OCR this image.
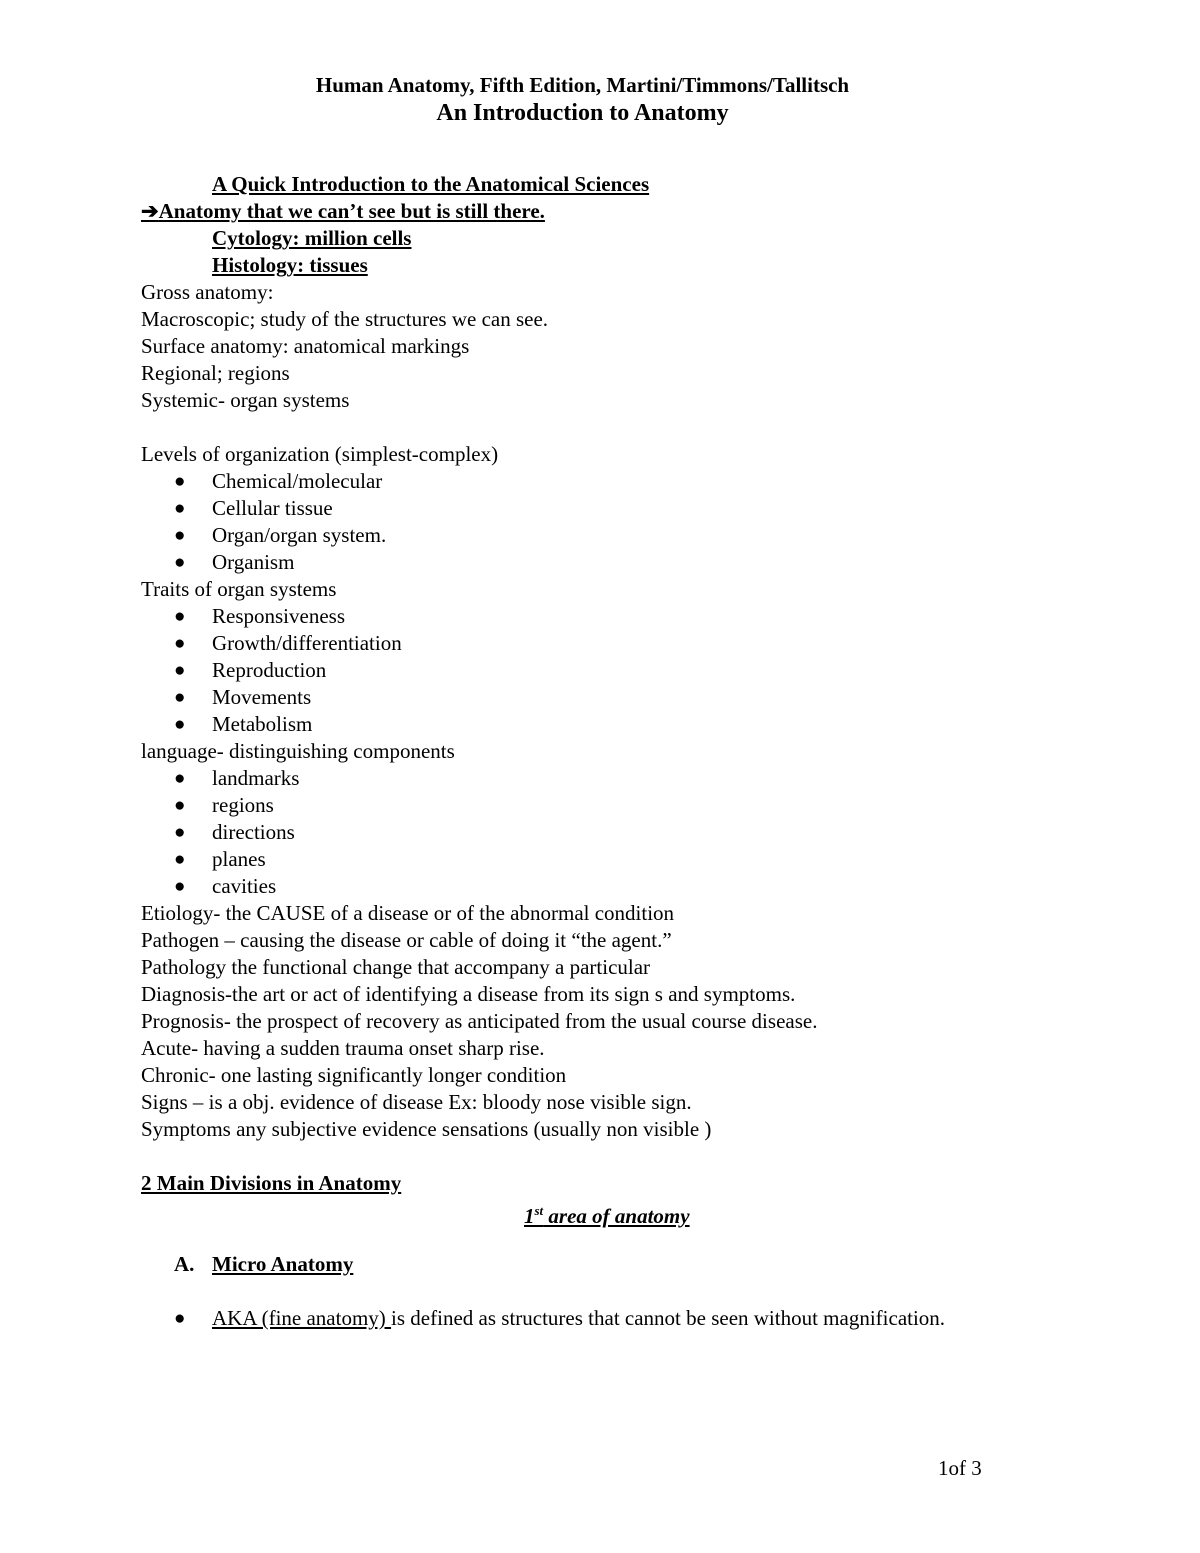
Human Anatomy, Fifth Edition, Martini/Timmons/Tallitsch
An Introduction to Anatomy
A Quick Introduction to the Anatomical Sciences
➔Anatomy that we can’t see but is still there.
Cytology: million cells
Histology: tissues
Gross anatomy:
Macroscopic; study of the structures we can see.
Surface anatomy: anatomical markings
Regional; regions
Systemic- organ systems
Levels of organization (simplest-complex)
● Chemical/molecular
● Cellular tissue
● Organ/organ system.
● Organism
Traits of organ systems
● Responsiveness
● Growth/differentiation
● Reproduction
● Movements
● Metabolism
language- distinguishing components
● landmarks
● regions
● directions
● planes
● cavities
Etiology- the CAUSE of a disease or of the abnormal condition
Pathogen – causing the disease or cable of doing it “the agent.”
Pathology the functional change that accompany a particular
Diagnosis-the art or act of identifying a disease from its sign s and symptoms.
Prognosis- the prospect of recovery as anticipated from the usual course disease.
Acute- having a sudden trauma onset sharp rise.
Chronic- one lasting significantly longer condition
Signs – is a obj. evidence of disease Ex: bloody nose visible sign.
Symptoms any subjective evidence sensations (usually non visible )
2 Main Divisions in Anatomy
1st area of anatomy
A. Micro Anatomy
● AKA (fine anatomy) is defined as structures that cannot be seen without magnification.
1of 3
